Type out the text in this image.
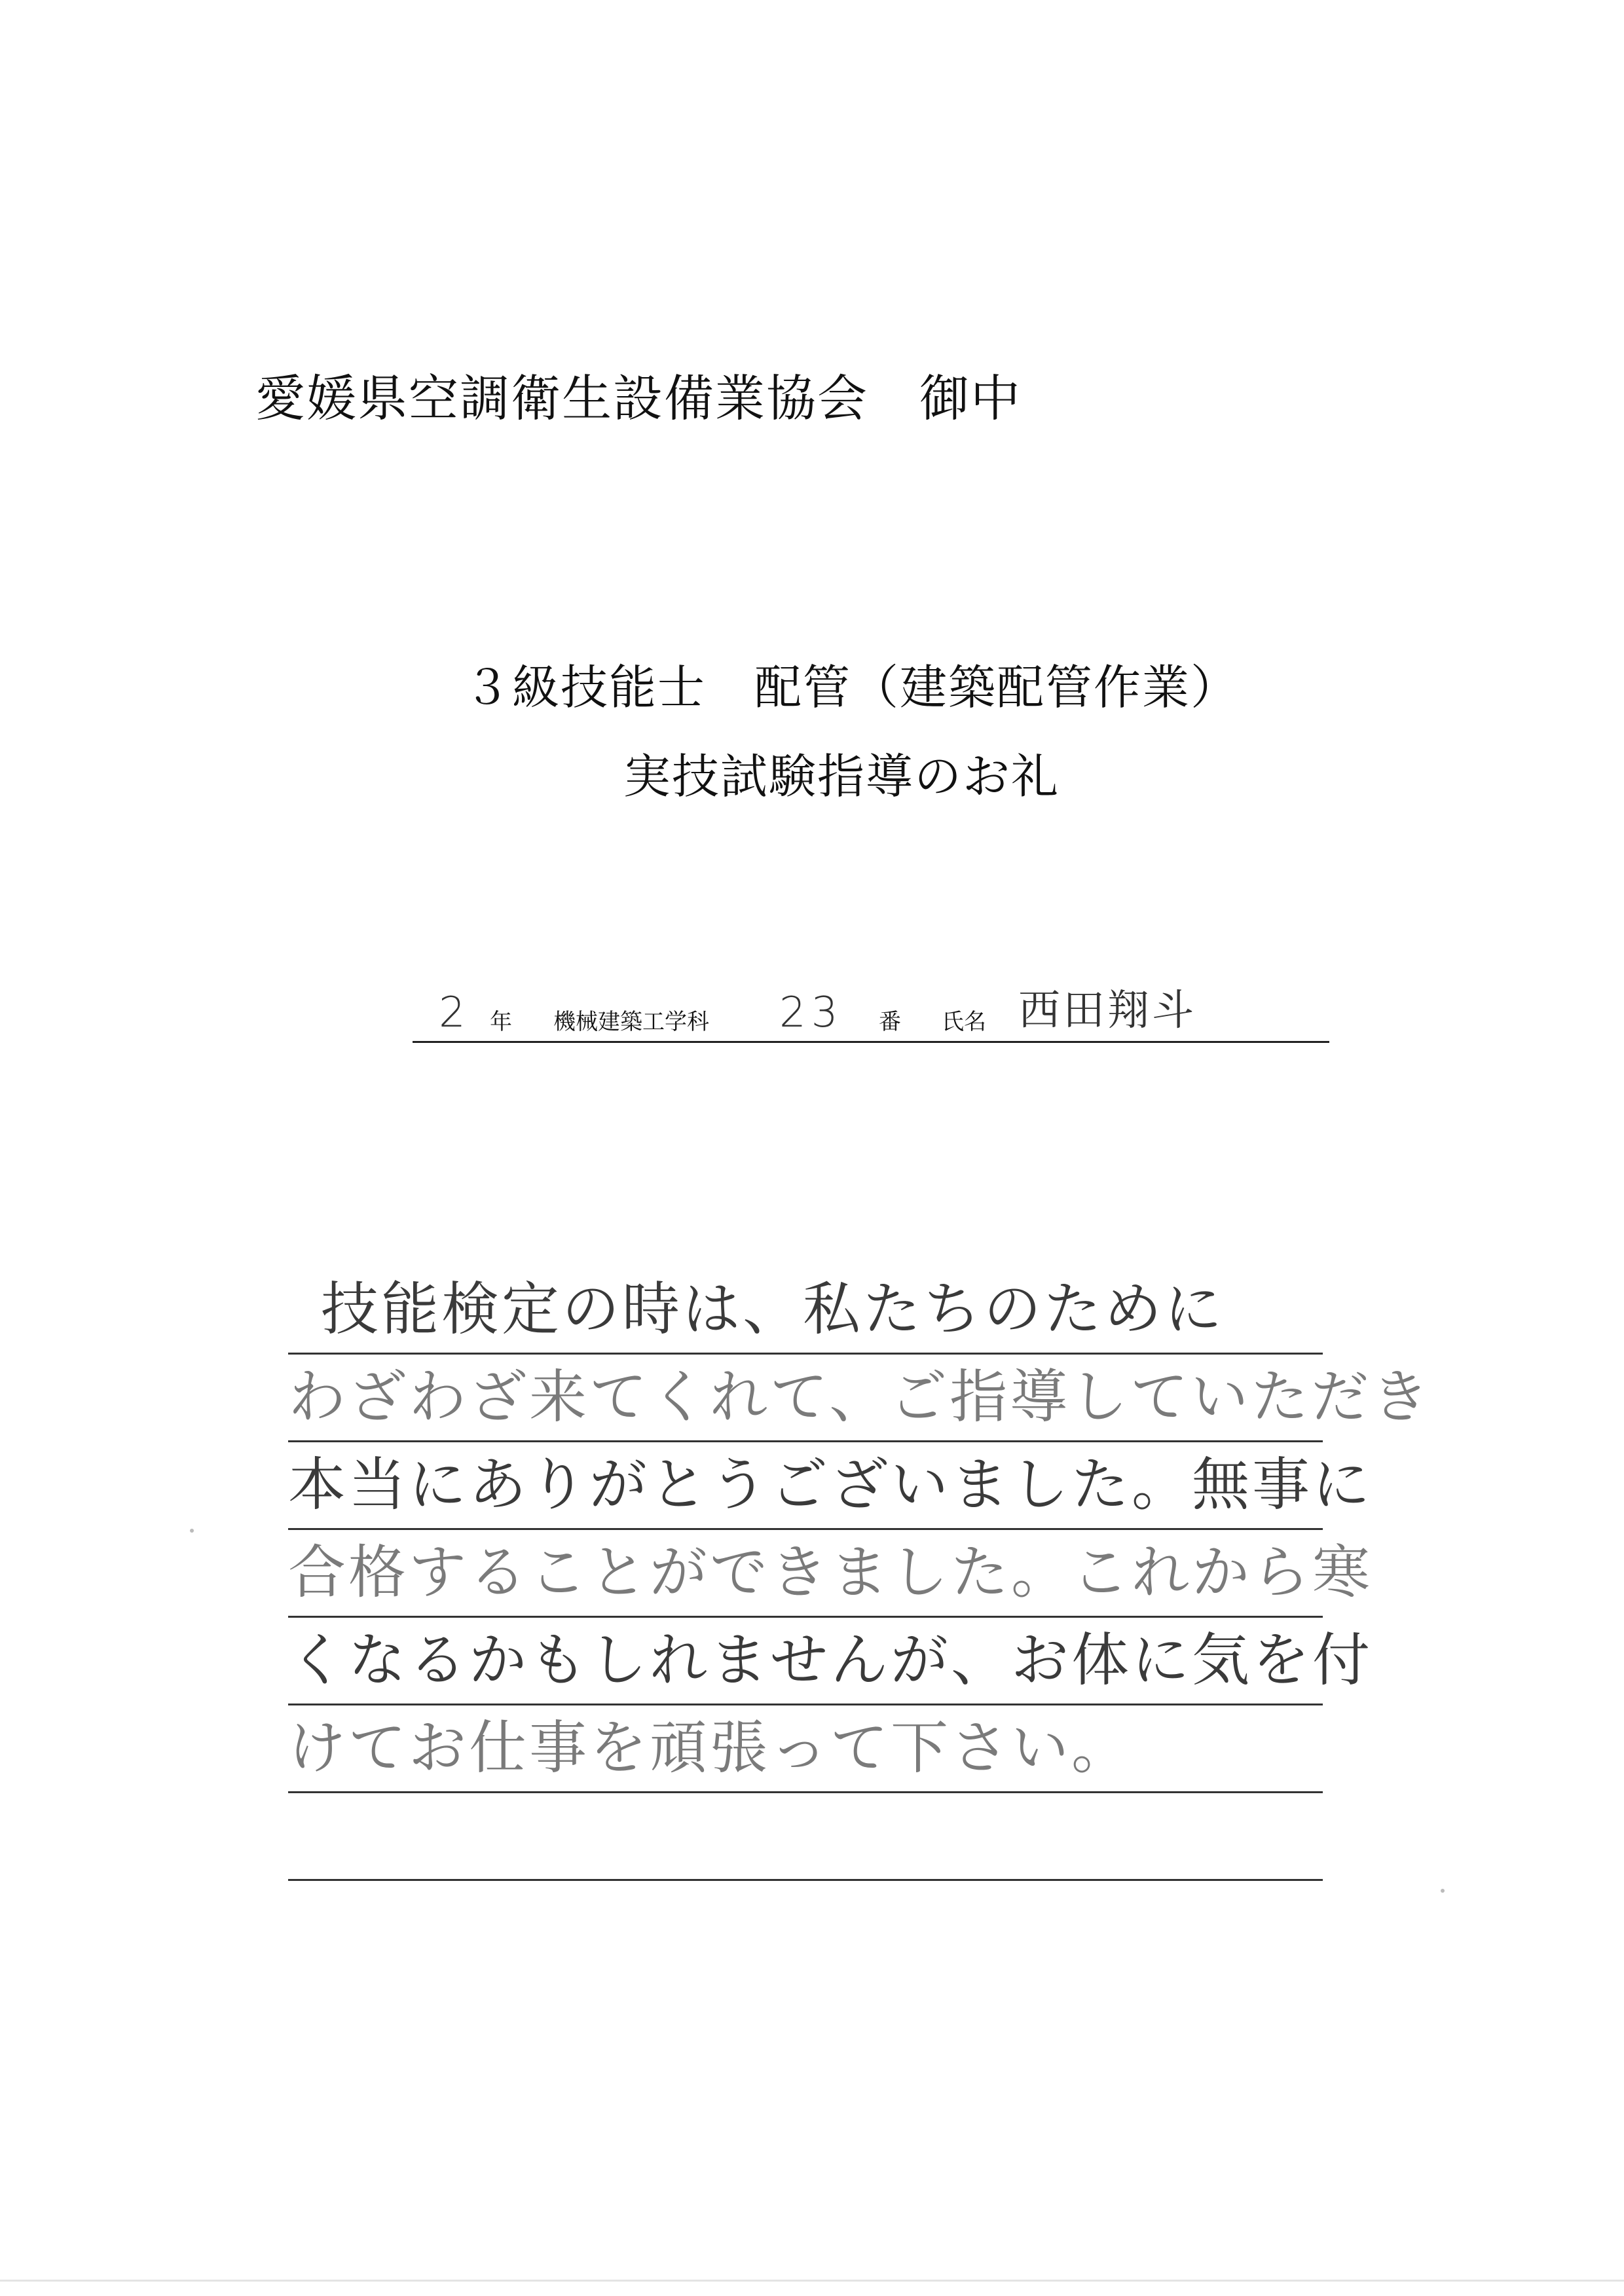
愛媛県空調衛生設備業協会　御中
３級技能士　配管（建築配管作業）
実技試験指導のお礼
2 年 機械建築工学科 23 番 氏名 西田翔斗
技能検定の時は、私たちのために
わざわざ来てくれて、ご指導していただき
本当にありがとうございました。無事に
合格することができました。これから寒
くなるかもしれませんが、お体に気を付
けてお仕事を頑張って下さい。
